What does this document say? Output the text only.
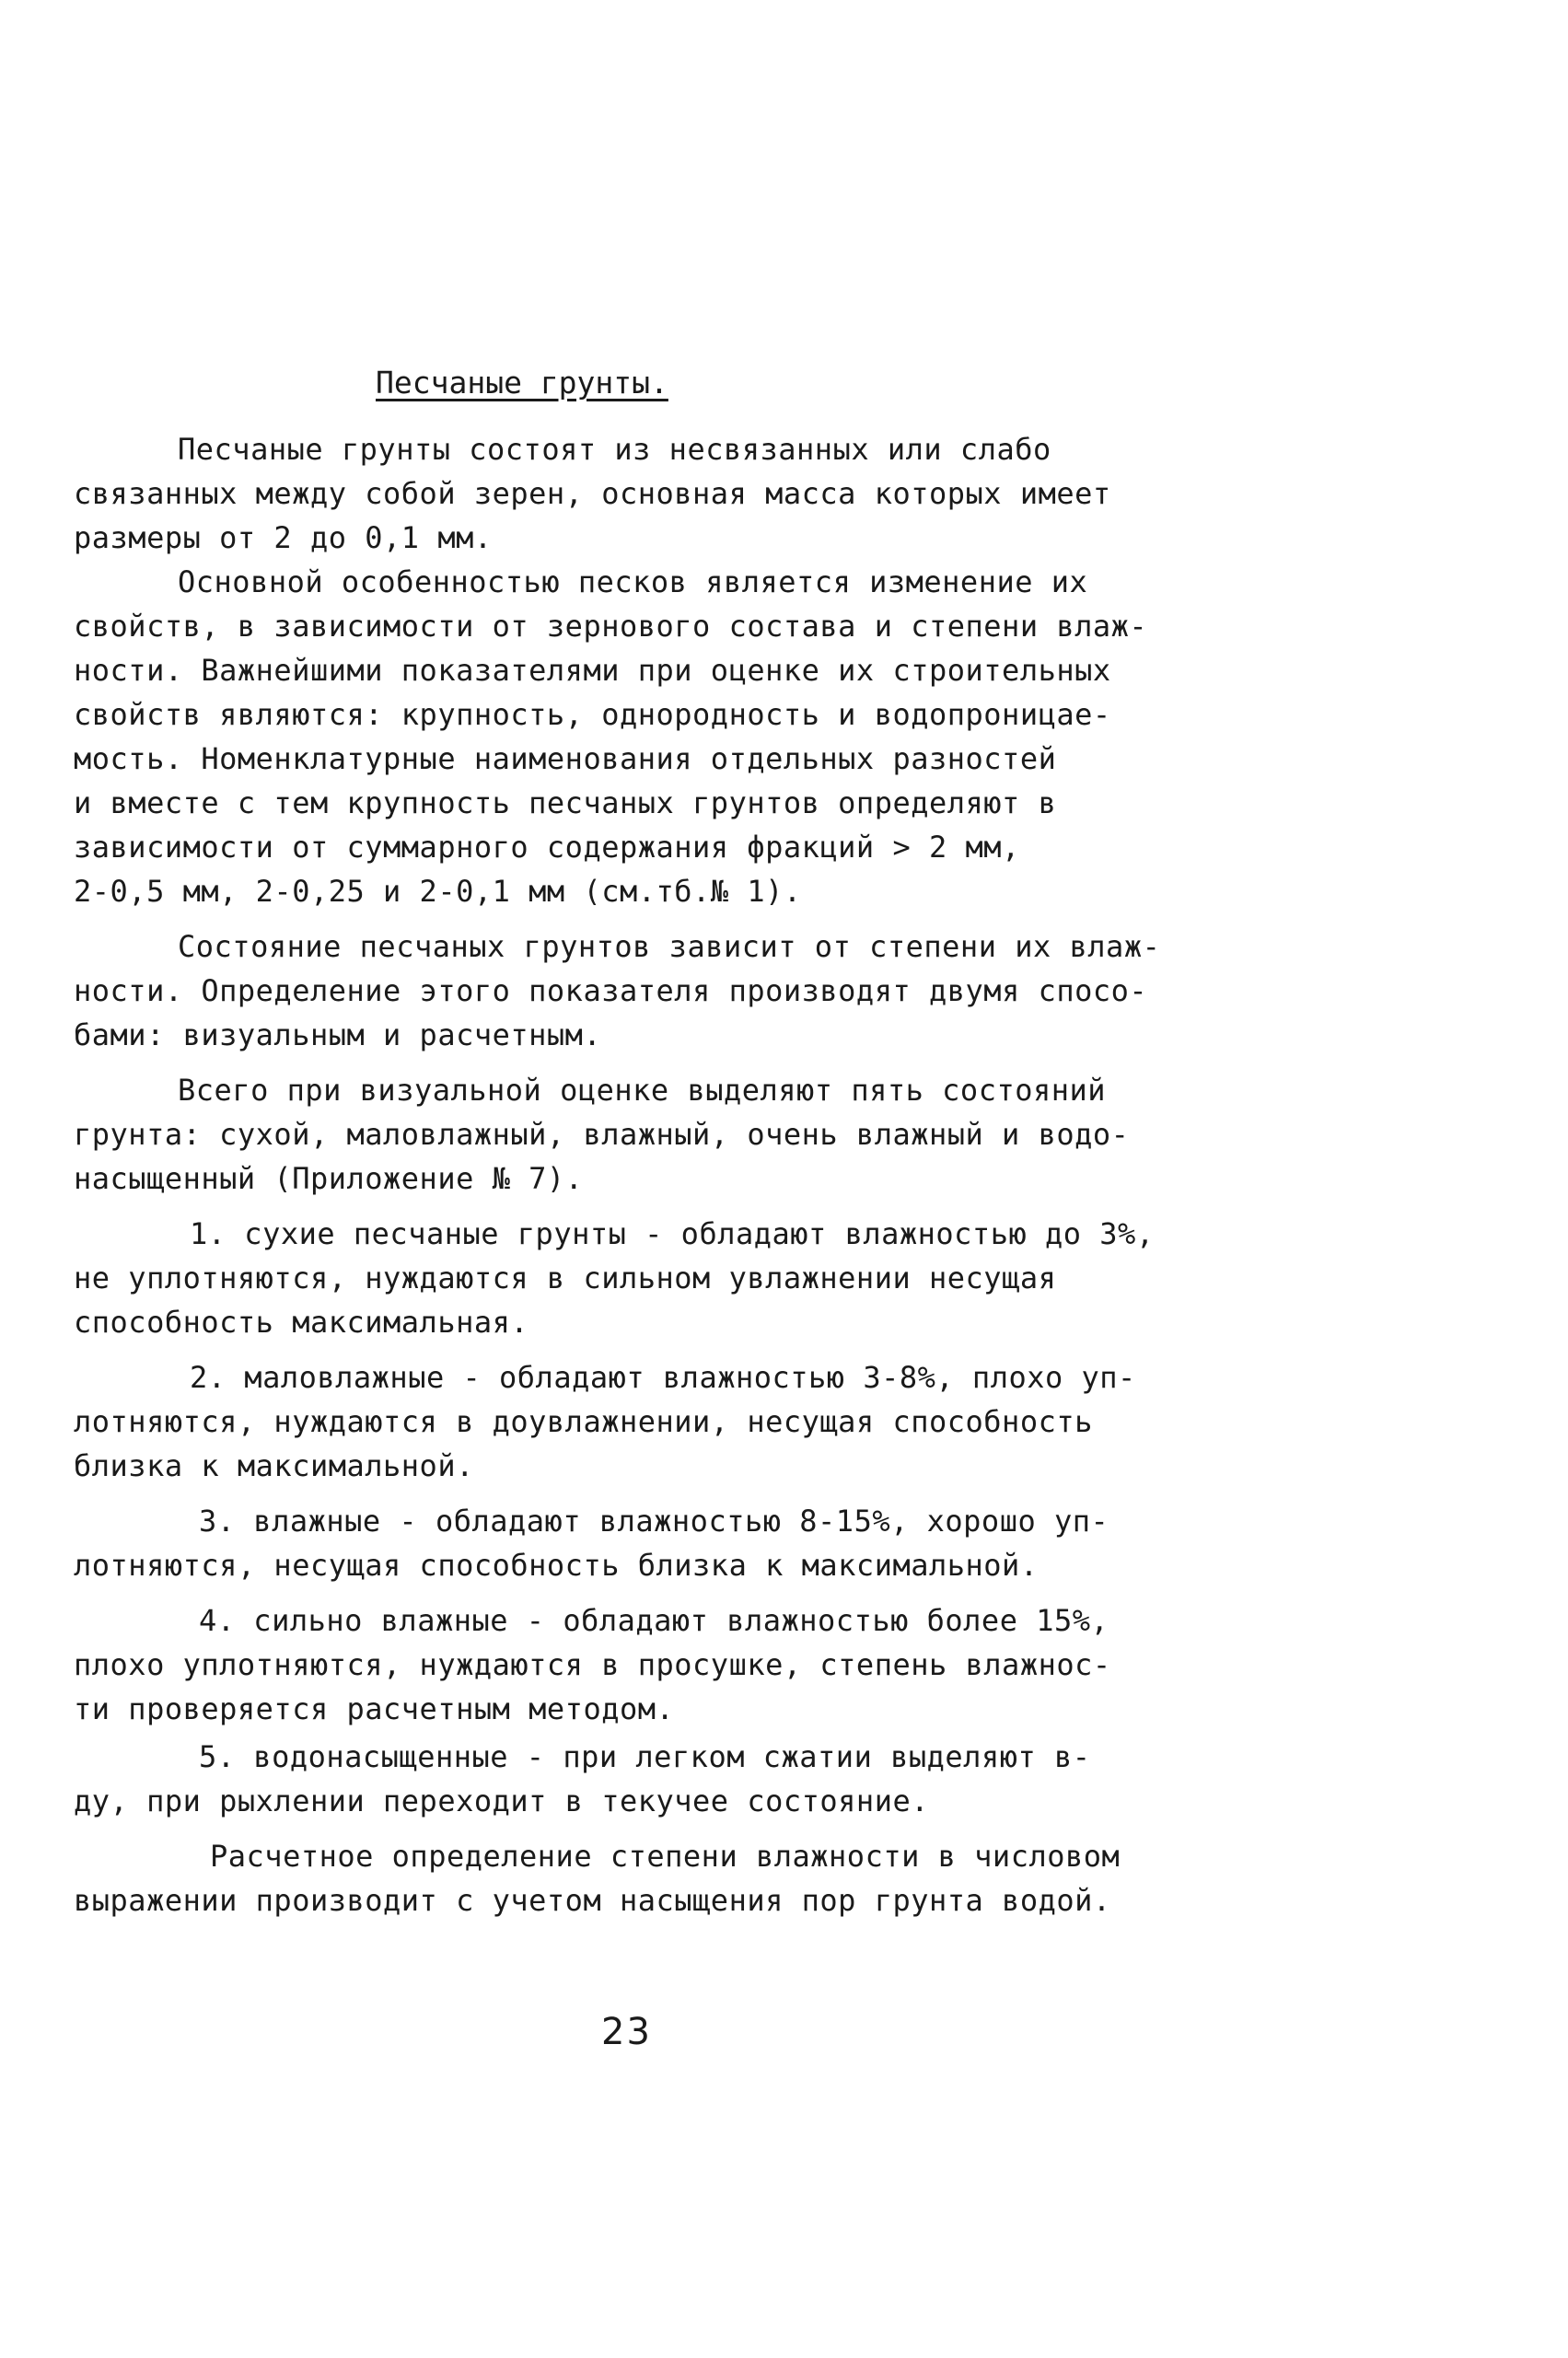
Песчаные грунты.
Песчаные грунты состоят из несвязанных или слабо
связанных между собой зерен, основная масса которых имеет
размеры от 2 до 0,1 мм.
Основной особенностью песков является изменение их
свойств, в зависимости от зернового состава и степени влаж-
ности. Важнейшими показателями при оценке их строительных
свойств являются: крупность, однородность и водопроницае-
мость. Номенклатурные наименования отдельных разностей
и вместе с тем крупность песчаных грунтов определяют в
зависимости от суммарного содержания фракций > 2 мм,
2-0,5 мм, 2-0,25 и 2-0,1 мм (см.тб.№ 1).
Состояние песчаных грунтов зависит от степени их влаж-
ности. Определение этого показателя производят двумя спосо-
бами: визуальным и расчетным.
Всего при визуальной оценке выделяют пять состояний
грунта: сухой, маловлажный, влажный, очень влажный и водо-
насыщенный (Приложение № 7).
1. сухие песчаные грунты - обладают влажностью до 3%,
не уплотняются, нуждаются в сильном увлажнении несущая
способность максимальная.
2. маловлажные - обладают влажностью 3-8%, плохо уп-
лотняются, нуждаются в доувлажнении, несущая способность
близка к максимальной.
3. влажные - обладают влажностью 8-15%, хорошо уп-
лотняются, несущая способность близка к максимальной.
4. сильно влажные - обладают влажностью более 15%,
плохо уплотняются, нуждаются в просушке, степень влажнос-
ти проверяется расчетным методом.
5. водонасыщенные - при легком сжатии выделяют в-
ду, при рыхлении переходит в текучее состояние.
Расчетное определение степени влажности в числовом
выражении производит с учетом насыщения пор грунта водой.
23
